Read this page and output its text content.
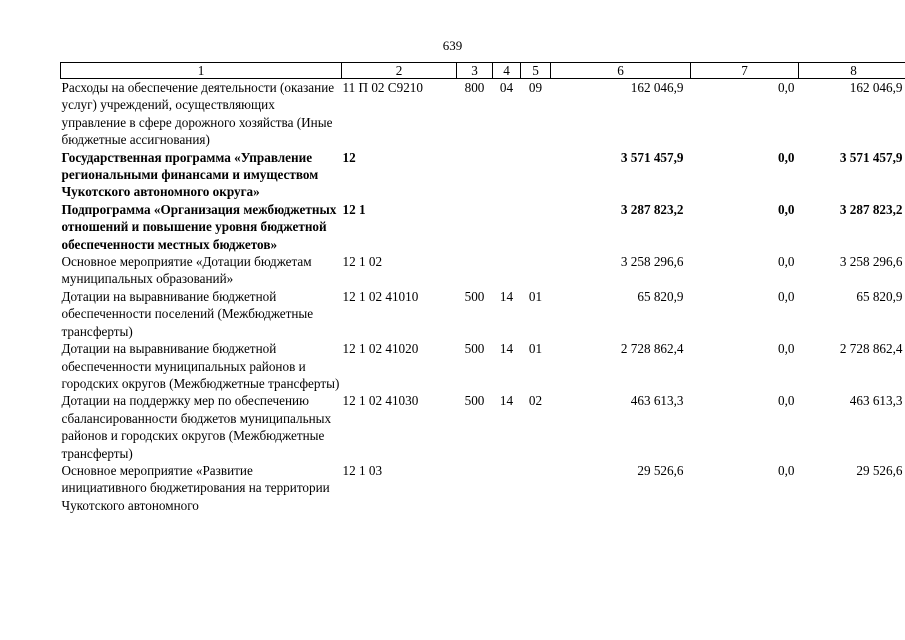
639
1	2	3	4	5	6	7	8
Расходы на обеспечение деятельности (оказание услуг) учреждений, осуществляющих управление в сфере дорожного хозяйства (Иные бюджетные ассигнования)	11 П 02 С9210	800	04	09	162 046,9	0,0	162 046,9
Государственная программа «Управление региональными финансами и имуществом Чукотского автономного округа»	12				3 571 457,9	0,0	3 571 457,9
Подпрограмма «Организация межбюджетных отношений и повышение уровня бюджетной обеспеченности местных бюджетов»	12 1				3 287 823,2	0,0	3 287 823,2
Основное мероприятие «Дотации бюджетам муниципальных образований»	12 1 02				3 258 296,6	0,0	3 258 296,6
Дотации на выравнивание бюджетной обеспеченности поселений (Межбюджетные трансферты)	12 1 02 41010	500	14	01	65 820,9	0,0	65 820,9
Дотации на выравнивание бюджетной обеспеченности муниципальных районов и городских округов (Межбюджетные трансферты)	12 1 02 41020	500	14	01	2 728 862,4	0,0	2 728 862,4
Дотации на поддержку мер по обеспечению сбалансированности бюджетов муниципальных районов и городских округов (Межбюджетные трансферты)	12 1 02 41030	500	14	02	463 613,3	0,0	463 613,3
Основное мероприятие «Развитие инициативного бюджетирования на территории Чукотского автономного	12 1 03				29 526,6	0,0	29 526,6
